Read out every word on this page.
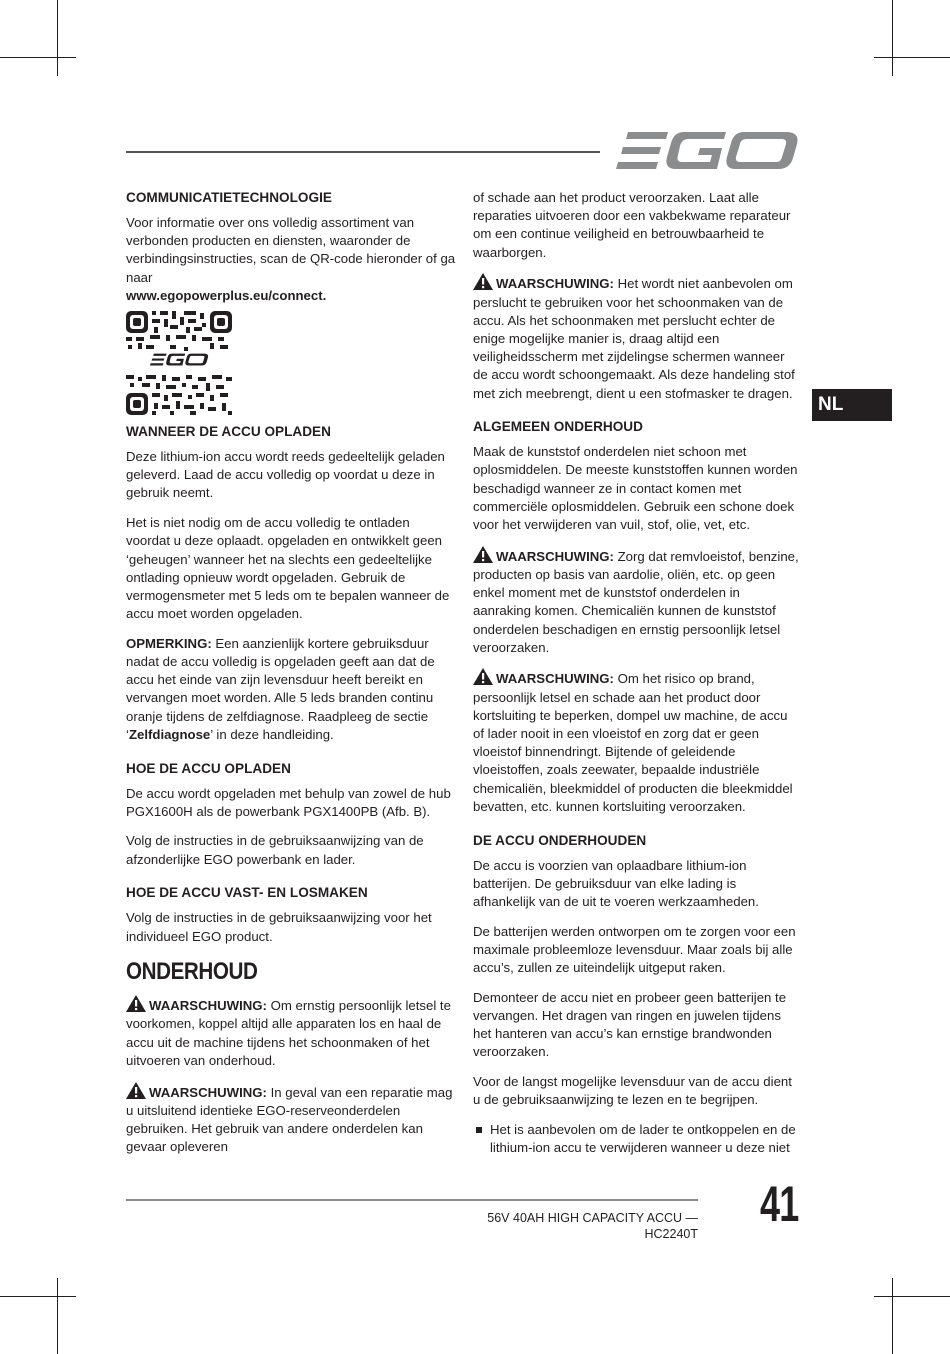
NL
COMMUNICATIETECHNOLOGIE

Voor informatie over ons volledig assortiment van verbonden producten en diensten, waaronder de verbindingsinstructies, scan de QR-code hieronder of ga naar
www.egopowerplus.eu/connect.

WANNEER DE ACCU OPLADEN

Deze lithium-ion accu wordt reeds gedeeltelijk geladen geleverd. Laad de accu volledig op voordat u deze in gebruik neemt.

Het is niet nodig om de accu volledig te ontladen voordat u deze oplaadt. opgeladen en ontwikkelt geen ‘geheugen’ wanneer het na slechts een gedeeltelijke ontlading opnieuw wordt opgeladen. Gebruik de vermogensmeter met 5 leds om te bepalen wanneer de accu moet worden opgeladen.

OPMERKING: Een aanzienlijk kortere gebruiksduur nadat de accu volledig is opgeladen geeft aan dat de accu het einde van zijn levensduur heeft bereikt en vervangen moet worden. Alle 5 leds branden continu oranje tijdens de zelfdiagnose. Raadpleeg de sectie ‘Zelfdiagnose’ in deze handleiding.

HOE DE ACCU OPLADEN

De accu wordt opgeladen met behulp van zowel de hub PGX1600H als de powerbank PGX1400PB (Afb. B).

Volg de instructies in de gebruiksaanwijzing van de afzonderlijke EGO powerbank en lader.

HOE DE ACCU VAST- EN LOSMAKEN

Volg de instructies in de gebruiksaanwijzing voor het individueel EGO product.

ONDERHOUD

WAARSCHUWING: Om ernstig persoonlijk letsel te voorkomen, koppel altijd alle apparaten los en haal de accu uit de machine tijdens het schoonmaken of het uitvoeren van onderhoud.

WAARSCHUWING: In geval van een reparatie mag u uitsluitend identieke EGO-reserveonderdelen gebruiken. Het gebruik van andere onderdelen kan gevaar opleveren

of schade aan het product veroorzaken. Laat alle reparaties uitvoeren door een vakbekwame reparateur om een continue veiligheid en betrouwbaarheid te waarborgen.

WAARSCHUWING: Het wordt niet aanbevolen om perslucht te gebruiken voor het schoonmaken van de accu. Als het schoonmaken met perslucht echter de enige mogelijke manier is, draag altijd een veiligheidsscherm met zijdelingse schermen wanneer de accu wordt schoongemaakt. Als deze handeling stof met zich meebrengt, dient u een stofmasker te dragen.

ALGEMEEN ONDERHOUD

Maak de kunststof onderdelen niet schoon met oplosmiddelen. De meeste kunststoffen kunnen worden beschadigd wanneer ze in contact komen met commerciële oplosmiddelen. Gebruik een schone doek voor het verwijderen van vuil, stof, olie, vet, etc.

WAARSCHUWING: Zorg dat remvloeistof, benzine, producten op basis van aardolie, oliën, etc. op geen enkel moment met de kunststof onderdelen in aanraking komen. Chemicaliën kunnen de kunststof onderdelen beschadigen en ernstig persoonlijk letsel veroorzaken.

WAARSCHUWING: Om het risico op brand, persoonlijk letsel en schade aan het product door kortsluiting te beperken, dompel uw machine, de accu of lader nooit in een vloeistof en zorg dat er geen vloeistof binnendringt. Bijtende of geleidende vloeistoffen, zoals zeewater, bepaalde industriële chemicaliën, bleekmiddel of producten die bleekmiddel bevatten, etc. kunnen kortsluiting veroorzaken.

DE ACCU ONDERHOUDEN

De accu is voorzien van oplaadbare lithium-ion batterijen. De gebruiksduur van elke lading is afhankelijk van de uit te voeren werkzaamheden.

De batterijen werden ontworpen om te zorgen voor een maximale probleemloze levensduur. Maar zoals bij alle accu’s, zullen ze uiteindelijk uitgeput raken.

Demonteer de accu niet en probeer geen batterijen te vervangen. Het dragen van ringen en juwelen tijdens het hanteren van accu’s kan ernstige brandwonden veroorzaken.

Voor de langst mogelijke levensduur van de accu dient u de gebruiksaanwijzing te lezen en te begrijpen.

Het is aanbevolen om de lader te ontkoppelen en de lithium-ion accu te verwijderen wanneer u deze niet
56V 40AH HIGH CAPACITY ACCU — HC2240T
41
